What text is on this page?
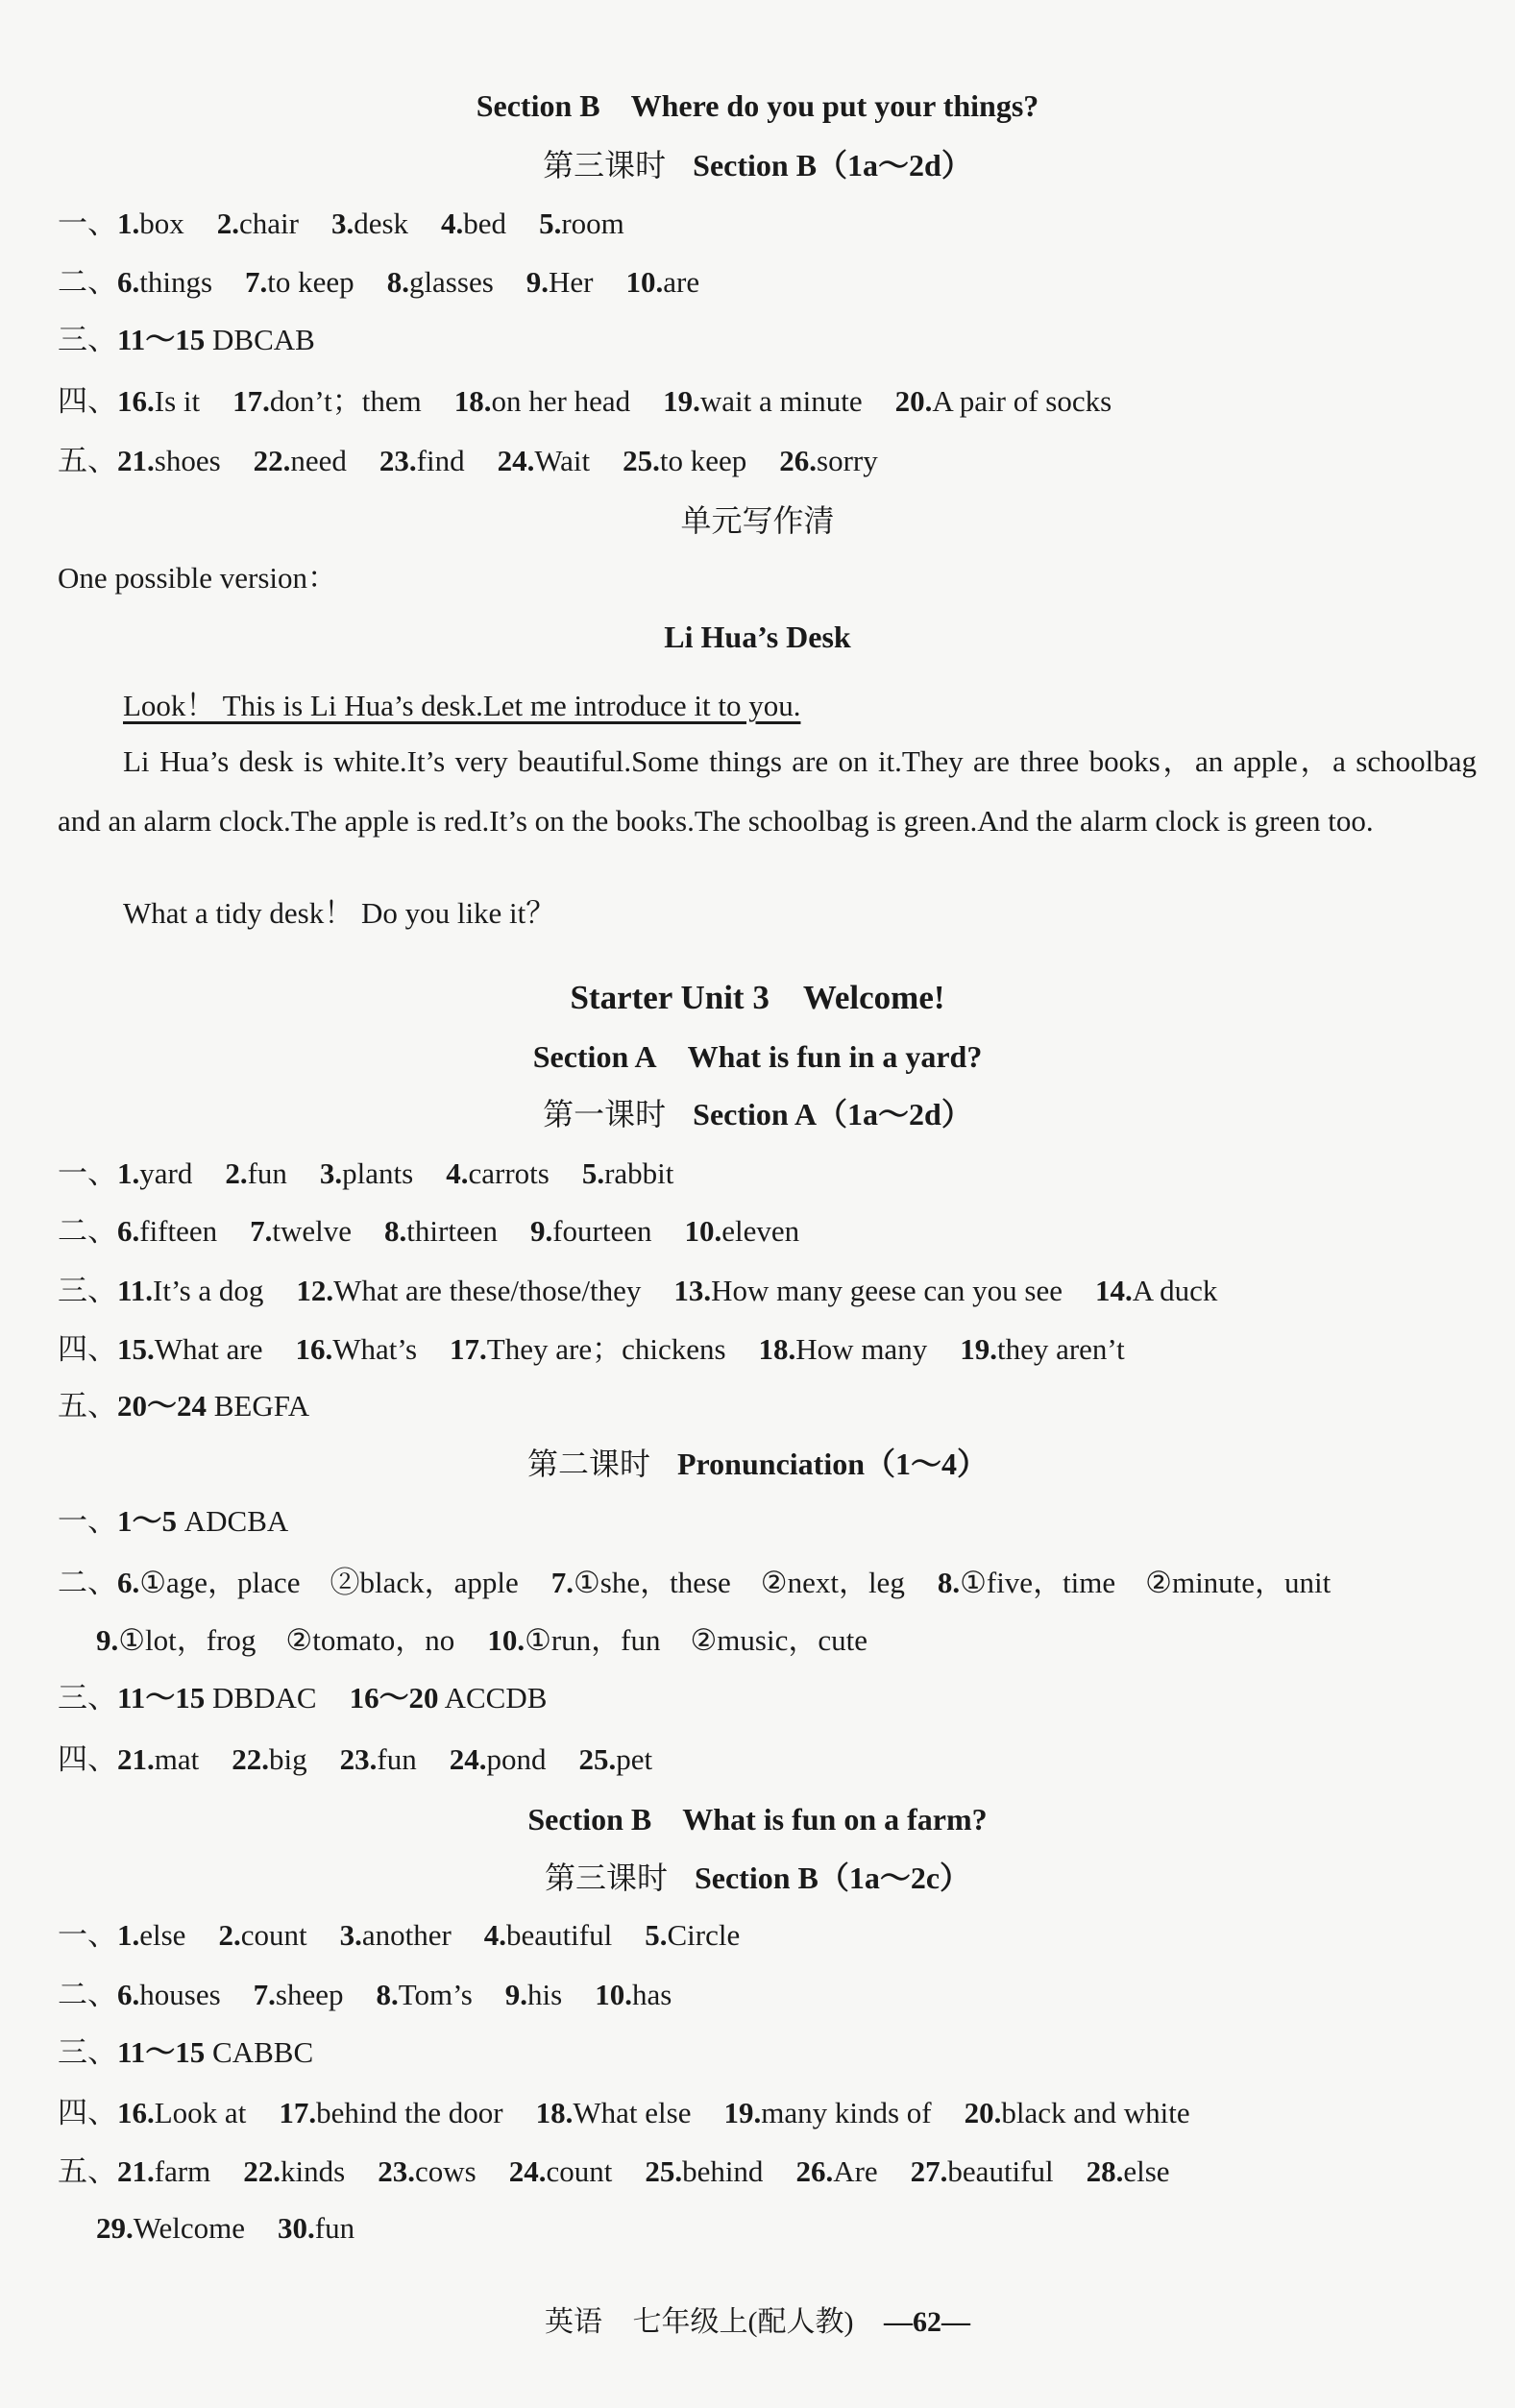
Section B Where do you put your things?
第三课时 Section B（1a～2d）
一、1.box 2.chair 3.desk 4.bed 5.room
二、6.things 7.to keep 8.glasses 9.Her 10.are
三、11～15 DBCAB
四、16.Is it 17.don’t；them 18.on her head 19.wait a minute 20.A pair of socks
五、21.shoes 22.need 23.find 24.Wait 25.to keep 26.sorry
单元写作清
One possible version：
Li Hua’s Desk
Look！ This is Li Hua’s desk.Let me introduce it to you.
Li Hua’s desk is white.It’s very beautiful.Some things are on it.They are three books，an apple，a schoolbag and an alarm clock.The apple is red.It’s on the books.The schoolbag is green.And the alarm clock is green too.
What a tidy desk！ Do you like it？
Starter Unit 3 Welcome!
Section A What is fun in a yard?
第一课时 Section A（1a～2d）
一、1.yard 2.fun 3.plants 4.carrots 5.rabbit
二、6.fifteen 7.twelve 8.thirteen 9.fourteen 10.eleven
三、11.It’s a dog 12.What are these/those/they 13.How many geese can you see 14.A duck
四、15.What are 16.What’s 17.They are；chickens 18.How many 19.they aren’t
五、20～24 BEGFA
第二课时 Pronunciation（1～4）
一、1～5 ADCBA
二、6.①age，place ②black，apple 7.①she，these ②next，leg 8.①five，time ②minute，unit
9.①lot，frog ②tomato，no 10.①run，fun ②music，cute
三、11～15 DBDAC 16～20 ACCDB
四、21.mat 22.big 23.fun 24.pond 25.pet
Section B What is fun on a farm?
第三课时 Section B（1a～2c）
一、1.else 2.count 3.another 4.beautiful 5.Circle
二、6.houses 7.sheep 8.Tom’s 9.his 10.has
三、11～15 CABBC
四、16.Look at 17.behind the door 18.What else 19.many kinds of 20.black and white
五、21.farm 22.kinds 23.cows 24.count 25.behind 26.Are 27.beautiful 28.else
29.Welcome 30.fun
英语 七年级上(配人教) —62—
